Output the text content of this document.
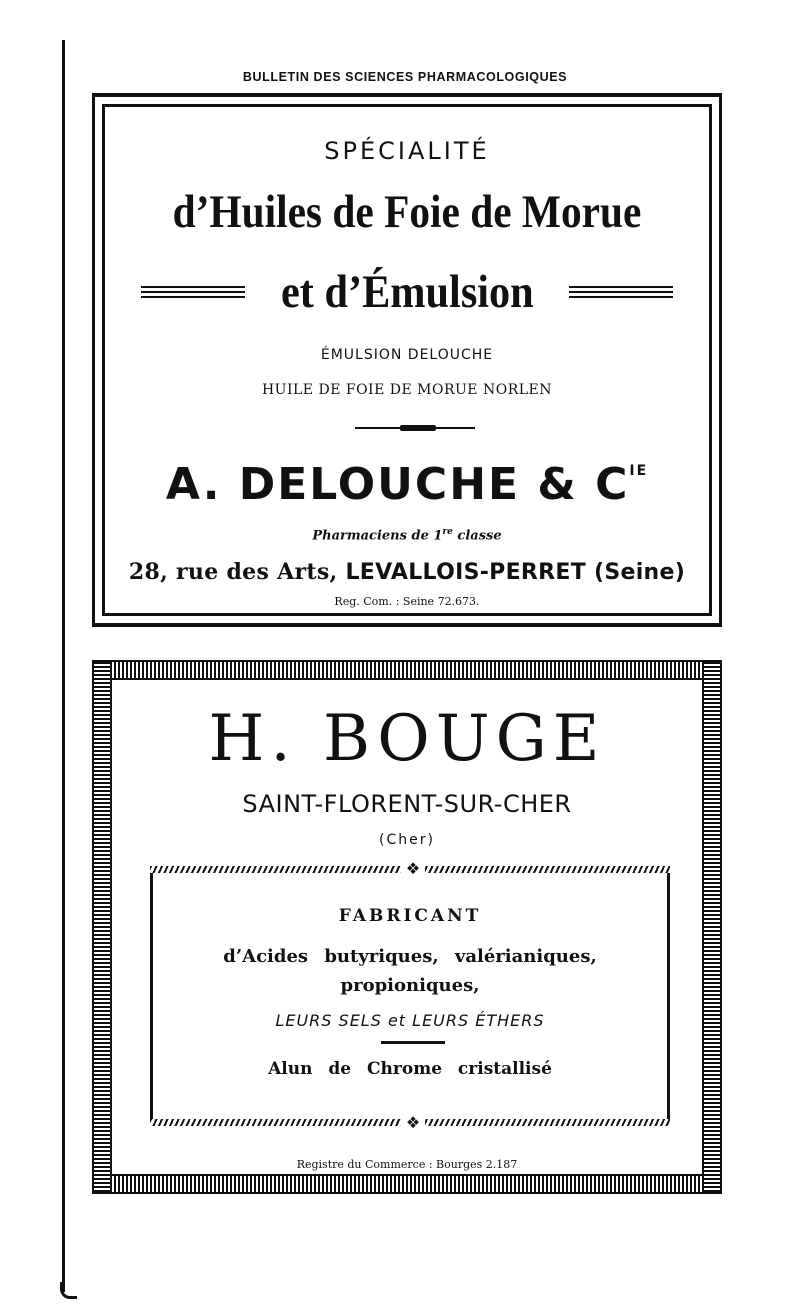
BULLETIN DES SCIENCES PHARMACOLOGIQUES
SPÉCIALITÉ
d’Huiles de Foie de Morue
et d’Émulsion
ÉMULSION DELOUCHE
HUILE DE FOIE DE MORUE NORLEN
A. DELOUCHE & $C^{IE}$
Pharmaciens de 1re classe
28, rue des Arts, LEVALLOIS-PERRET (Seine)
Reg. Com. : Seine 72.673.
H. BOUGE
SAINT-FLORENT-SUR-CHER
(Cher)
❖
❖
FABRICANT
d’Acides butyriques, valérianiques,
propioniques,
LEURS SELS et LEURS ÉTHERS
Alun de Chrome cristallisé
Registre du Commerce : Bourges 2.187
